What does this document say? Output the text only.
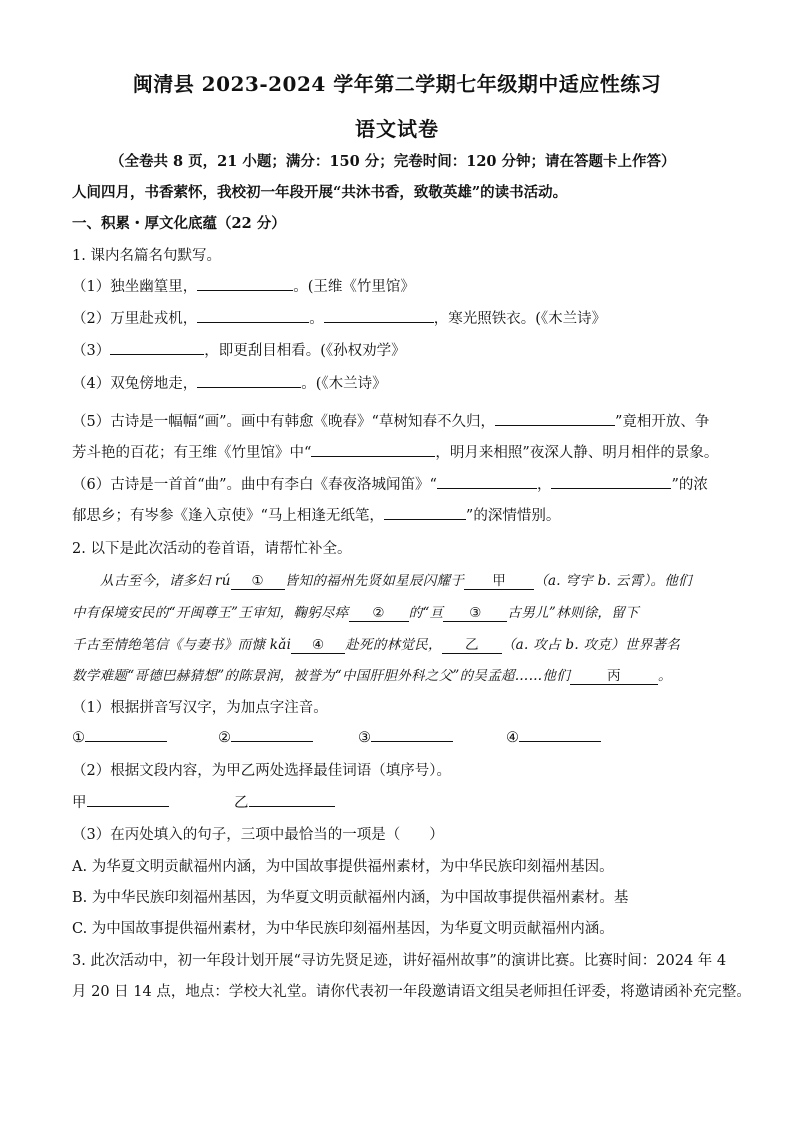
闽清县 2023-2024 学年第二学期七年级期中适应性练习
语文试卷
（全卷共 8 页，21 小题；满分：150 分；完卷时间：120 分钟；请在答题卡上作答）
人间四月，书香萦怀，我校初一年段开展“共沐书香，致敬英雄”的读书活动。
一、积累・厚文化底蕴（22 分）
1. 课内名篇名句默写。
（1）独坐幽篁里，	。(王维《竹里馆》
（2）万里赴戎机，	。	，寒光照铁衣。(《木兰诗》
（3）	，即更刮目相看。(《孙权劝学》
（4）双兔傍地走，	。(《木兰诗》
（5）古诗是一幅幅“画”。画中有韩愈《晚春》“草树知春不久归，	”竟相开放、争
芳斗艳的百花；有王维《竹里馆》中“	，明月来相照”夜深人静、明月相伴的景象。
（6）古诗是一首首“曲”。曲中有李白《春夜洛城闻笛》“	，	”的浓
郁思乡；有岑参《逢入京使》“马上相逢无纸笔，	”的深情惜别。
2. 以下是此次活动的卷首语，请帮忙补全。
从古至今，诸多妇 rú ① 皆知的福州先贤如星辰闪耀于 甲 （a. 穹宇 b. 云霄）。他们
中有保境安民的“开闽尊王”王审知，鞠躬尽瘁 ② 的“亘 ③ 古男儿”林则徐，留下
千古至情绝笔信《与妻书》而慷 kǎi ④ 赴死的林觉民， 乙 （a. 攻占 b. 攻克）世界著名
数学难题“哥德巴赫猜想”的陈景润，被誉为“中国肝胆外科之父”的吴孟超……他们	丙	。
（1）根据拼音写汉字，为加点字注音。
①	②	③	④
（2）根据文段内容，为甲乙两处选择最佳词语（填序号）。
甲	乙
（3）在丙处填入的句子，三项中最恰当的一项是（　　）
A. 为华夏文明贡献福州内涵，为中国故事提供福州素材，为中华民族印刻福州基因。
B. 为中华民族印刻福州基因，为华夏文明贡献福州内涵，为中国故事提供福州素材。基
C. 为中国故事提供福州素材，为中华民族印刻福州基因，为华夏文明贡献福州内涵。
3. 此次活动中，初一年段计划开展“寻访先贤足迹，讲好福州故事”的演讲比赛。比赛时间：2024 年 4
月 20 日 14 点，地点：学校大礼堂。请你代表初一年段邀请语文组吴老师担任评委，将邀请函补充完整。
